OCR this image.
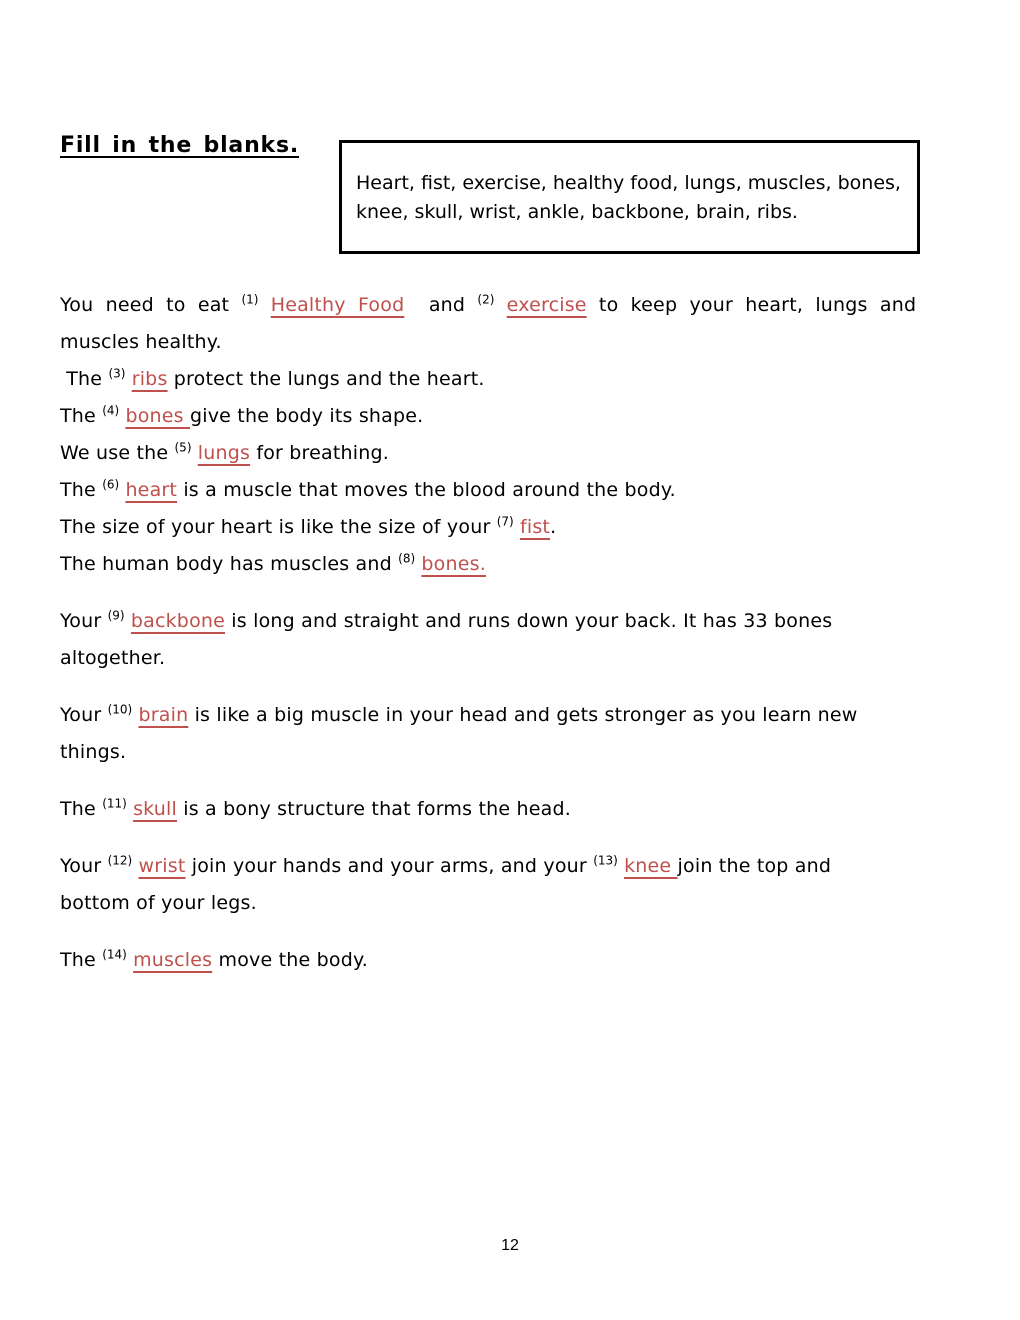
Fill in the blanks.
Heart, fist, exercise, healthy food, lungs, muscles, bones,
knee, skull, wrist, ankle, backbone, brain, ribs.

You need to eat $^{(1)}$ Healthy Food  and $^{(2)}$ exercise to keep your heart, lungs and
muscles healthy.

The $^{(3)}$ ribs protect the lungs and the heart.

The $^{(4)}$ bones give the body its shape.

We use the $^{(5)}$ lungs for breathing.

The $^{(6)}$ heart is a muscle that moves the blood around the body.

The size of your heart is like the size of your $^{(7)}$ fist.

The human body has muscles and $^{(8)}$ bones.

Your $^{(9)}$ backbone is long and straight and runs down your back. It has 33 bones
altogether.

Your $^{(10)}$ brain is like a big muscle in your head and gets stronger as you learn new
things.

The $^{(11)}$ skull is a bony structure that forms the head.

Your $^{(12)}$ wrist join your hands and your arms, and your $^{(13)}$ knee join the top and
bottom of your legs.

The $^{(14)}$ muscles move the body.

12
